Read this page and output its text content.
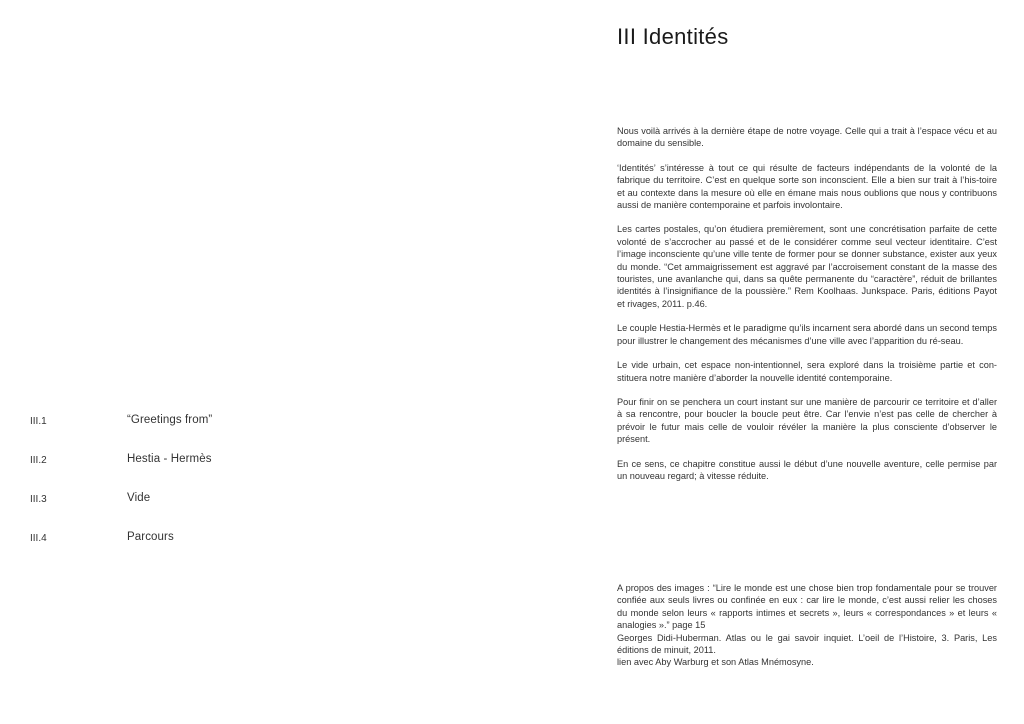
III.1	“Greetings from”
III.2	Hestia - Hermès
III.3	Vide
III.4	Parcours
III Identités

Nous voilà arrivés à la dernière étape de notre voyage. Celle qui a trait à l’espace vécu et au domaine du sensible.

‘Identités’ s’intéresse à tout ce qui résulte de facteurs indépendants de la volonté de la fabrique du territoire. C’est en quelque sorte son inconscient. Elle a bien sur trait à l’his-toire et au contexte dans la mesure où elle en émane mais nous oublions que nous y contribuons aussi de manière contemporaine et parfois involontaire.

Les cartes postales, qu’on étudiera premièrement, sont une concrétisation parfaite de cette volonté de s’accrocher au passé et de le considérer comme seul vecteur identitaire. C’est l’image inconsciente qu’une ville tente de former pour se donner substance, exister aux yeux du monde. “Cet ammaigrissement est aggravé par l’accroisement constant de la masse des touristes, une avanlanche qui, dans sa quête permanente du “caractère”, réduit de brillantes identités à l’insignifiance de la poussière.” Rem Koolhaas. Junkspace. Paris, éditions Payot et rivages, 2011. p.46.

Le couple Hestia-Hermès et le paradigme qu’ils incarnent sera abordé dans un second temps pour illustrer le changement des mécanismes d’une ville avec l’apparition du ré-seau.

Le vide urbain, cet espace non-intentionnel, sera exploré dans la troisième partie et con-stituera notre manière d’aborder la nouvelle identité contemporaine.

Pour finir on se penchera un court instant sur une manière de parcourir ce territoire et d’aller à sa rencontre, pour boucler la boucle peut être. Car l’envie n’est pas celle de chercher à prévoir le futur mais celle de vouloir révéler la manière la plus consciente d’observer le présent.

En ce sens, ce chapitre constitue aussi le début d’une nouvelle aventure, celle permise par un nouveau regard; à vitesse réduite.

A propos des images : “Lire le monde est une chose bien trop fondamentale pour se trouver confiée aux seuls livres ou confinée en eux : car lire le monde, c’est aussi relier les choses du monde selon leurs « rapports intimes et secrets », leurs « correspondances » et leurs « analogies ».” page 15

Georges Didi-Huberman. Atlas ou le gai savoir inquiet. L’oeil de l’Histoire, 3. Paris, Les éditions de minuit, 2011.

lien avec Aby Warburg et son Atlas Mnémosyne.
